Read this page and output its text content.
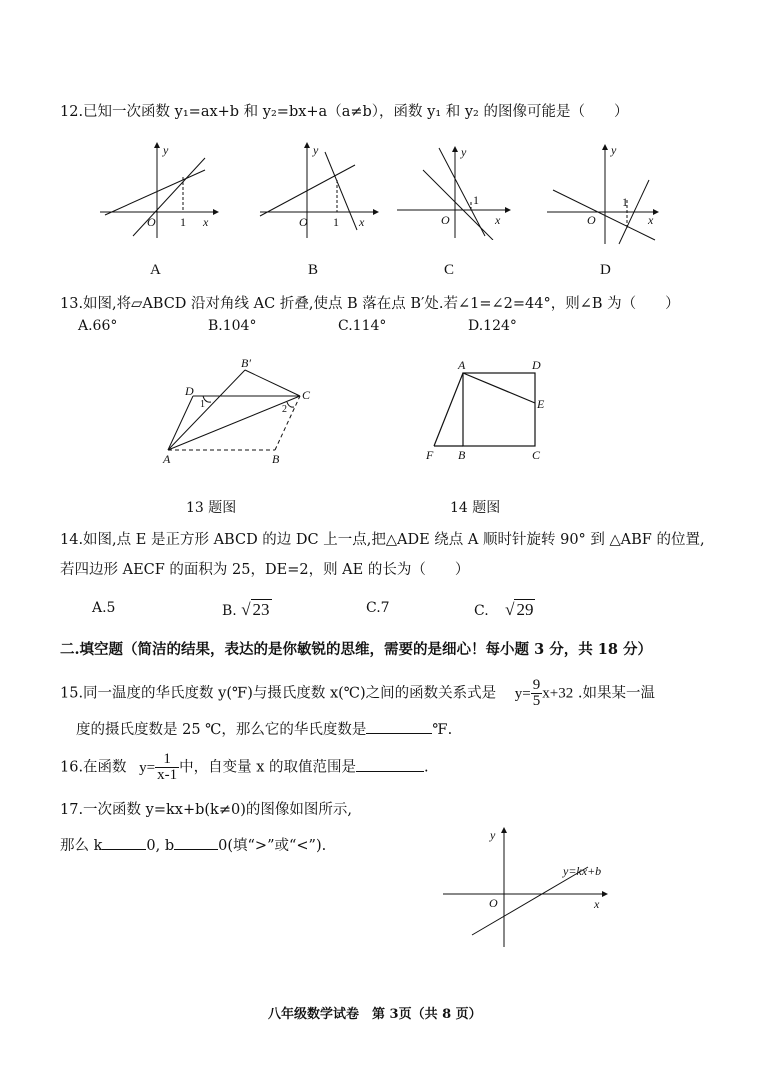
12.已知一次函数 y₁=ax+b 和 y₂=bx+a（a≠b），函数 y₁ 和 y₂ 的图像可能是（　　）
y
x
O 1
A
y
x
O 1
B
y
x
O
1
C
y
x
O
1
D
13.如图,将▱ABCD 沿对角线 AC 折叠,使点 B 落在点 B′处.若∠1=∠2=44°，则∠B 为（　　）
A.66°	B.104°	C.114°	D.124°
D
B′
C
A	B
1	2
13 题图
A	D
E
F B	C
14 题图
14.如图,点 E 是正方形 ABCD 的边 DC 上一点,把△ADE 绕点 A 顺时针旋转 90° 到 △ABF 的位置,
若四边形 AECF 的面积为 25，DE=2，则 AE 的长为（　　）
A.5	B. √ 23	C.7	C. √ 29
二.填空题（简洁的结果，表达的是你敏锐的思维，需要的是细心！每小题 3 分，共 18 分）
15.同一温度的华氏度数 y(℉)与摄氏度数 x(℃)之间的函数关系式是 $y= \frac{9}{5} x+32$ .如果某一温
度的摄氏度数是 25 ℃，那么它的华氏度数是	℉.
16.在函数 $y= \frac{1}{x-1}$ 中，自变量 x 的取值范围是	.
17.一次函数 y=kx+b(k≠0)的图像如图所示,
那么 k	0, b	0(填“>”或“<”).
y
x
O
y=kx+b
八年级数学试卷　第 3页（共 8 页）
